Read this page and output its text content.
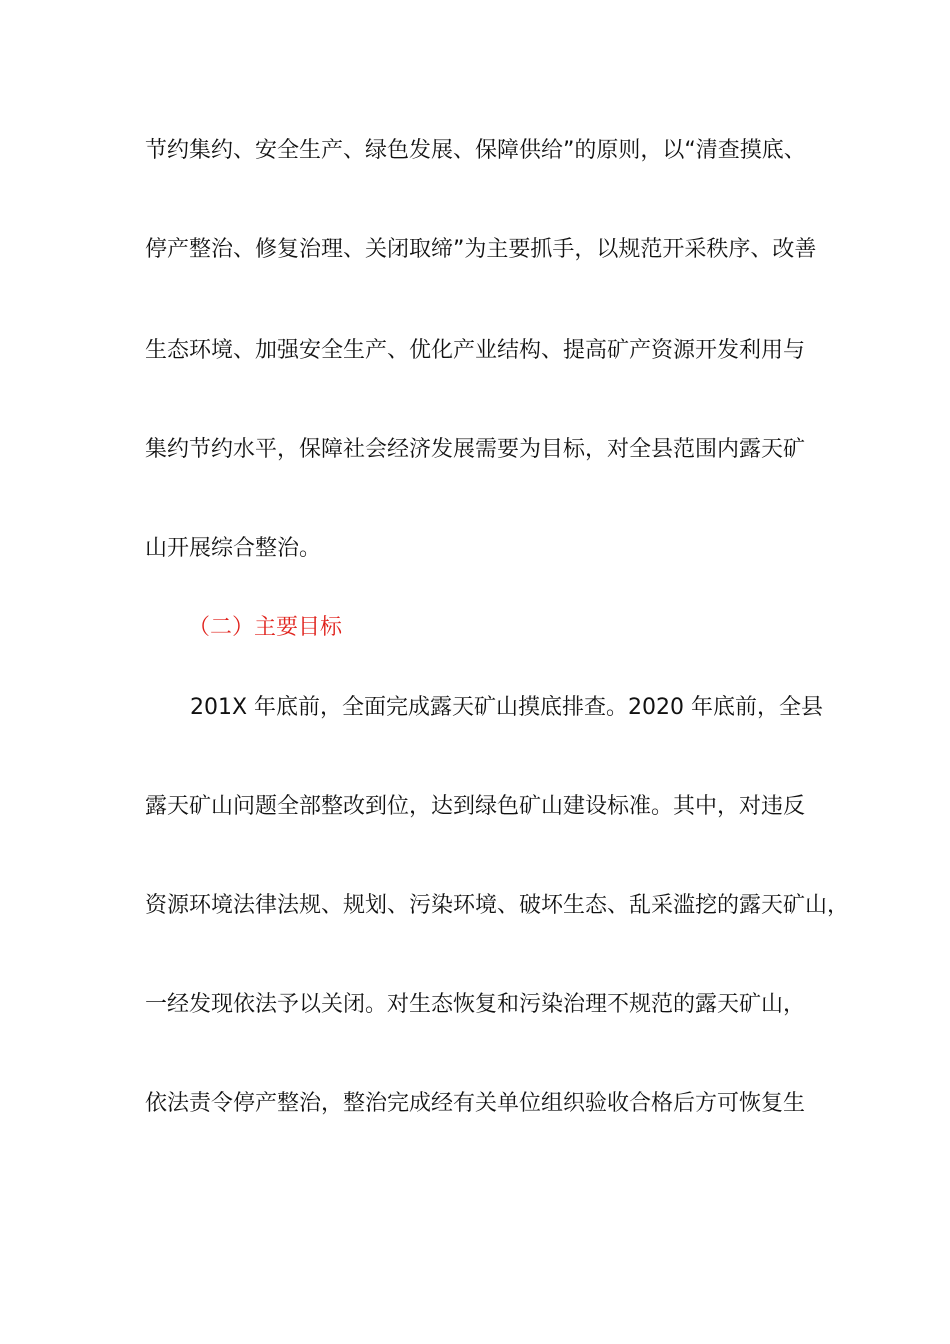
节约集约、安全生产、绿色发展、保障供给”的原则，以“清查摸底、
停产整治、修复治理、关闭取缔”为主要抓手，以规范开采秩序、改善
生态环境、加强安全生产、优化产业结构、提高矿产资源开发利用与
集约节约水平，保障社会经济发展需要为目标，对全县范围内露天矿
山开展综合整治。
（二）主要目标
201X 年底前，全面完成露天矿山摸底排查。2020 年底前，全县
露天矿山问题全部整改到位，达到绿色矿山建设标准。其中，对违反
资源环境法律法规、规划、污染环境、破坏生态、乱采滥挖的露天矿山，
一经发现依法予以关闭。对生态恢复和污染治理不规范的露天矿山，
依法责令停产整治，整治完成经有关单位组织验收合格后方可恢复生
